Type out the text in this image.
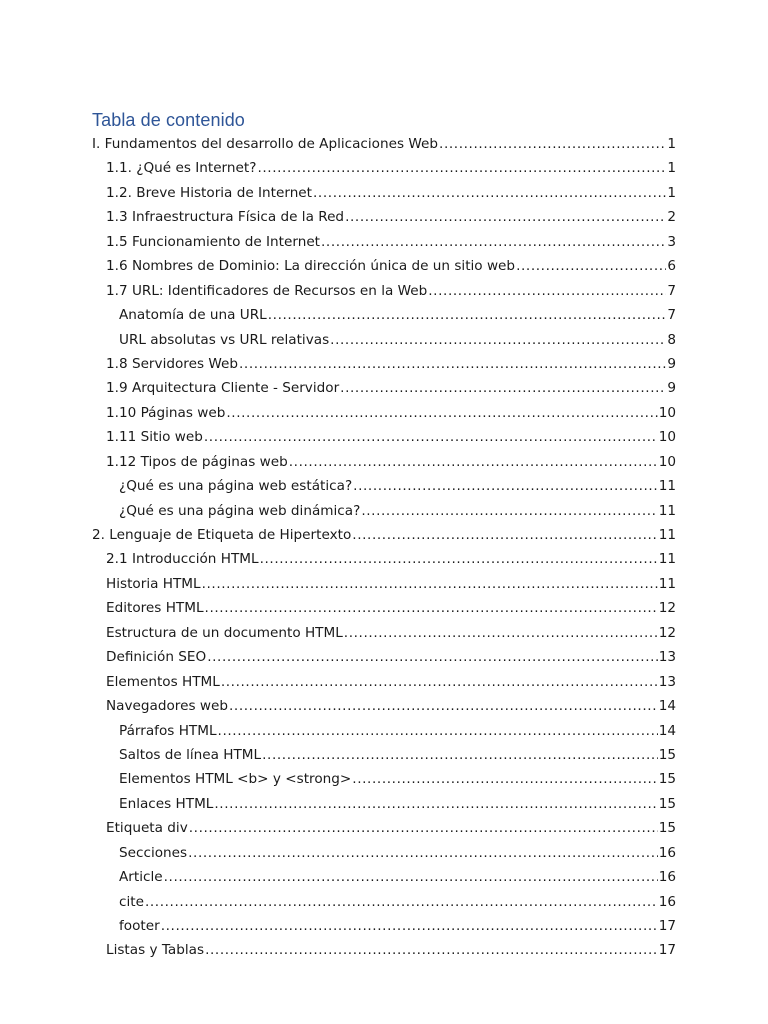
Tabla de contenido
I. Fundamentos del desarrollo de Aplicaciones Web .....	1
1.1. ¿Qué es Internet? .....	1
1.2. Breve Historia de Internet .....	1
1.3 Infraestructura Física de la Red .....	2
1.5 Funcionamiento de Internet .....	3
1.6 Nombres de Dominio: La dirección única de un sitio web .....	6
1.7 URL: Identificadores de Recursos en la Web .....	7
Anatomía de una URL .....	7
URL absolutas vs URL relativas .....	8
1.8 Servidores Web .....	9
1.9 Arquitectura Cliente - Servidor .....	9
1.10 Páginas web .....	10
1.11 Sitio web .....	10
1.12 Tipos de páginas web .....	10
¿Qué es una página web estática? .....	11
¿Qué es una página web dinámica? .....	11
2. Lenguaje de Etiqueta de Hipertexto .....	11
2.1 Introducción HTML .....	11
Historia HTML .....	11
Editores HTML .....	12
Estructura de un documento HTML .....	12
Definición SEO .....	13
Elementos HTML .....	13
Navegadores web .....	14
Párrafos HTML .....	14
Saltos de línea HTML .....	15
Elementos HTML <b> y <strong> .....	15
Enlaces HTML .....	15
Etiqueta div .....	15
Secciones .....	16
Article .....	16
cite .....	16
footer .....	17
Listas y Tablas .....	17
